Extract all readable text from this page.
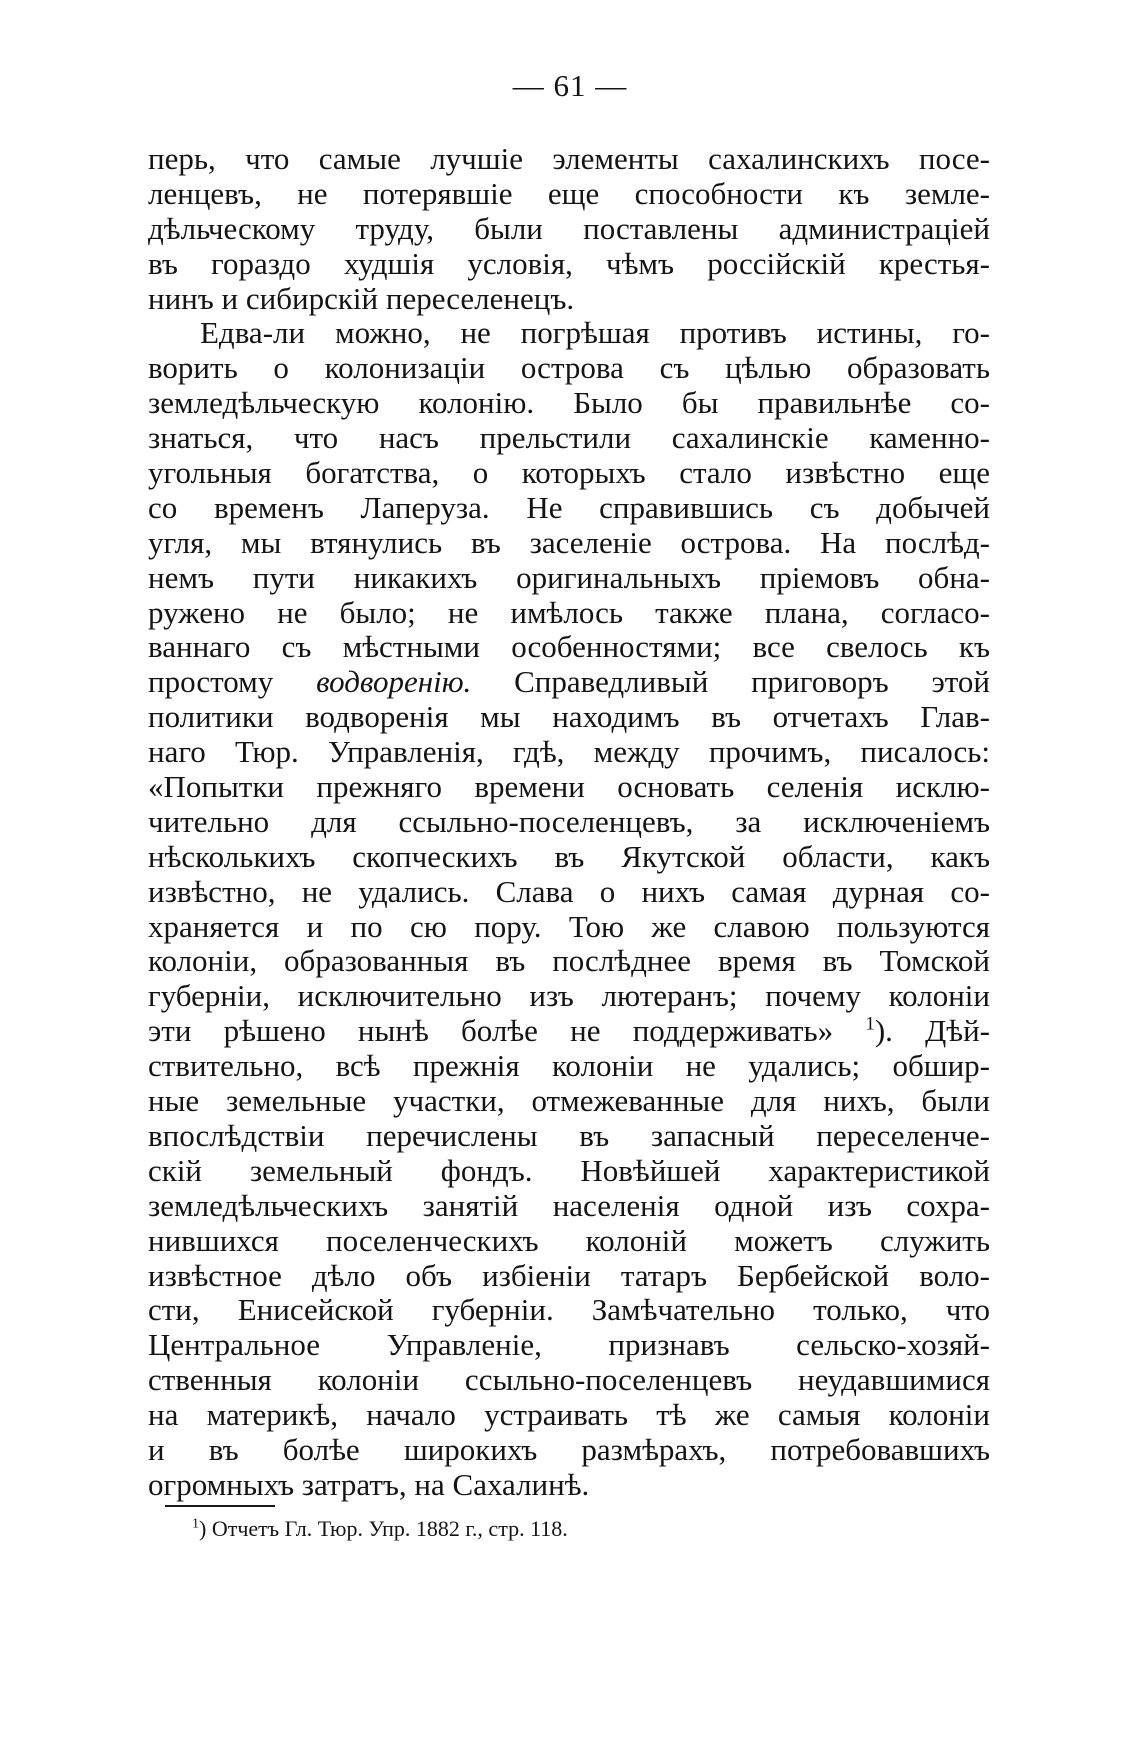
— 61 —
перь, что самые лучшіе элементы сахалинскихъ посе-
ленцевъ, не потерявшіе еще способности къ земле-
дѣльческому труду, были поставлены администраціей
въ гораздо худшія условія, чѣмъ россійскій крестья-
нинъ и сибирскій переселенецъ.
Едва-ли можно, не погрѣшая противъ истины, го-
ворить о колонизаціи острова съ цѣлью образовать
земледѣльческую колонію. Было бы правильнѣе со-
знаться, что насъ прельстили сахалинскіе каменно-
угольныя богатства, о которыхъ стало извѣстно еще
со временъ Лаперуза. Не справившись съ добычей
угля, мы втянулись въ заселеніе острова. На послѣд-
немъ пути никакихъ оригинальныхъ пріемовъ обна-
ружено не было; не имѣлось также плана, согласо-
ваннаго съ мѣстными особенностями; все свелось къ
простому водворенію. Справедливый приговоръ этой
политики водворенія мы находимъ въ отчетахъ Глав-
наго Тюр. Управленія, гдѣ, между прочимъ, писалось:
«Попытки прежняго времени основать селенія исклю-
чительно для ссыльно-поселенцевъ, за исключеніемъ
нѣсколькихъ скопческихъ въ Якутской области, какъ
извѣстно, не удались. Слава о нихъ самая дурная со-
храняется и по сю пору. Тою же славою пользуются
колоніи, образованныя въ послѣднее время въ Томской
губерніи, исключительно изъ лютеранъ; почему колоніи
эти рѣшено нынѣ болѣе не поддерживать» $^1$). Дѣй-
ствительно, всѣ прежнія колоніи не удались; обшир-
ные земельные участки, отмежеванные для нихъ, были
впослѣдствіи перечислены въ запасный переселенче-
скій земельный фондъ. Новѣйшей характеристикой
земледѣльческихъ занятій населенія одной изъ сохра-
нившихся поселенческихъ колоній можетъ служить
извѣстное дѣло объ избіеніи татаръ Бербейской воло-
сти, Енисейской губерніи. Замѣчательно только, что
Центральное Управленіе, признавъ сельско-хозяй-
ственныя колоніи ссыльно-поселенцевъ неудавшимися
на материкѣ, начало устраивать тѣ же самыя колоніи
и въ болѣе широкихъ размѣрахъ, потребовавшихъ
огромныхъ затратъ, на Сахалинѣ.
$^1$) Отчетъ Гл. Тюр. Упр. 1882 г., стр. 118.
